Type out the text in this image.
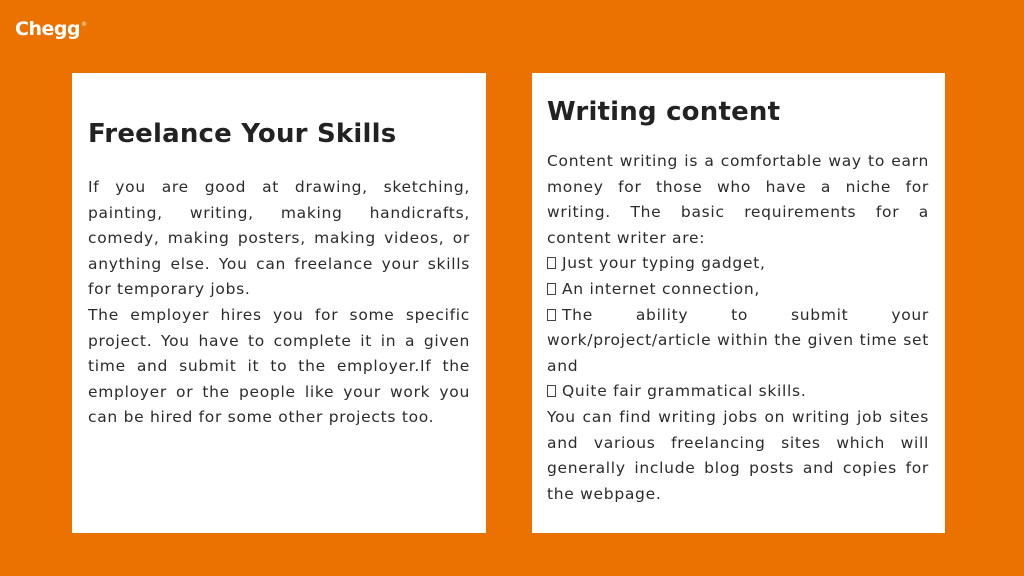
Chegg®
Freelance Your Skills

If you are good at drawing, sketching, painting, writing, making handicrafts, comedy, making posters, making videos, or anything else. You can freelance your skills for temporary jobs.

The employer hires you for some specific project. You have to complete it in a given time and submit it to the employer.If the employer or the people like your work you can be hired for some other projects too.

Writing content

Content writing is a comfortable way to earn money for those who have a niche for writing. The basic requirements for a content writer are:

Just your typing gadget,

An internet connection,

The ability to submit your work/project/article within the given time set and

Quite fair grammatical skills.

You can find writing jobs on writing job sites and various freelancing sites which will generally include blog posts and copies for the webpage.
